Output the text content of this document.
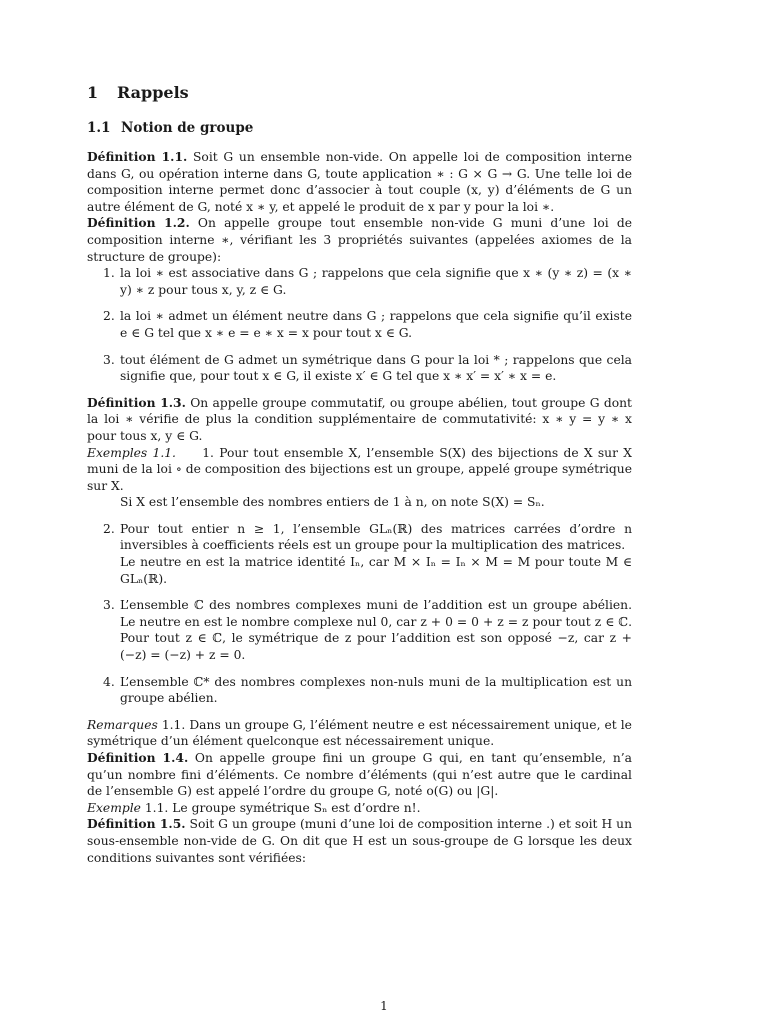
1 Rappels
1.1 Notion de groupe

Définition 1.1. Soit G un ensemble non-vide. On appelle loi de composition interne dans G, ou opération interne dans G, toute application ∗ : G × G → G. Une telle loi de composition interne permet donc d’associer à tout couple (x, y) d’éléments de G un autre élément de G, noté x ∗ y, et appelé le produit de x par y pour la loi ∗.

Définition 1.2. On appelle groupe tout ensemble non-vide G muni d’une loi de composition interne ∗, vérifiant les 3 propriétés suivantes (appelées axiomes de la structure de groupe):

1. la loi ∗ est associative dans G ; rappelons que cela signifie que x ∗ (y ∗ z) = (x ∗ y) ∗ z pour tous x, y, z ∈ G.
2. la loi ∗ admet un élément neutre dans G ; rappelons que cela signifie qu’il existe e ∈ G tel que x ∗ e = e ∗ x = x pour tout x ∈ G.
3. tout élément de G admet un symétrique dans G pour la loi * ; rappelons que cela signifie que, pour tout x ∈ G, il existe x′ ∈ G tel que x ∗ x′ = x′ ∗ x = e.

Définition 1.3. On appelle groupe commutatif, ou groupe abélien, tout groupe G dont la loi ∗ vérifie de plus la condition supplémentaire de commutativité: x ∗ y = y ∗ x pour tous x, y ∈ G.

Exemples 1.1. 1. Pour tout ensemble X, l’ensemble S(X) des bijections de X sur X muni de la loi ∘ de composition des bijections est un groupe, appelé groupe symétrique sur X.

Si X est l’ensemble des nombres entiers de 1 à n, on note S(X) = Sₙ.

2. Pour tout entier n ≥ 1, l’ensemble GLₙ(ℝ) des matrices carrées d’ordre n inversibles à coefficients réels est un groupe pour la multiplication des matrices.

Le neutre en est la matrice identité Iₙ, car M × Iₙ = Iₙ × M = M pour toute M ∈ GLₙ(ℝ).

3. L’ensemble ℂ des nombres complexes muni de l’addition est un groupe abélien. Le neutre en est le nombre complexe nul 0, car z + 0 = 0 + z = z pour tout z ∈ ℂ. Pour tout z ∈ ℂ, le symétrique de z pour l’addition est son opposé −z, car z + (−z) = (−z) + z = 0.
4. L’ensemble ℂ* des nombres complexes non-nuls muni de la multiplication est un groupe abélien.

Remarques 1.1. Dans un groupe G, l’élément neutre e est nécessairement unique, et le symétrique d’un élément quelconque est nécessairement unique.

Définition 1.4. On appelle groupe fini un groupe G qui, en tant qu’ensemble, n’a qu’un nombre fini d’éléments. Ce nombre d’éléments (qui n’est autre que le cardinal de l’ensemble G) est appelé l’ordre du groupe G, noté o(G) ou |G|.

Exemple 1.1. Le groupe symétrique Sₙ est d’ordre n!.

Définition 1.5. Soit G un groupe (muni d’une loi de composition interne .) et soit H un sous-ensemble non-vide de G. On dit que H est un sous-groupe de G lorsque les deux conditions suivantes sont vérifiées:

1
